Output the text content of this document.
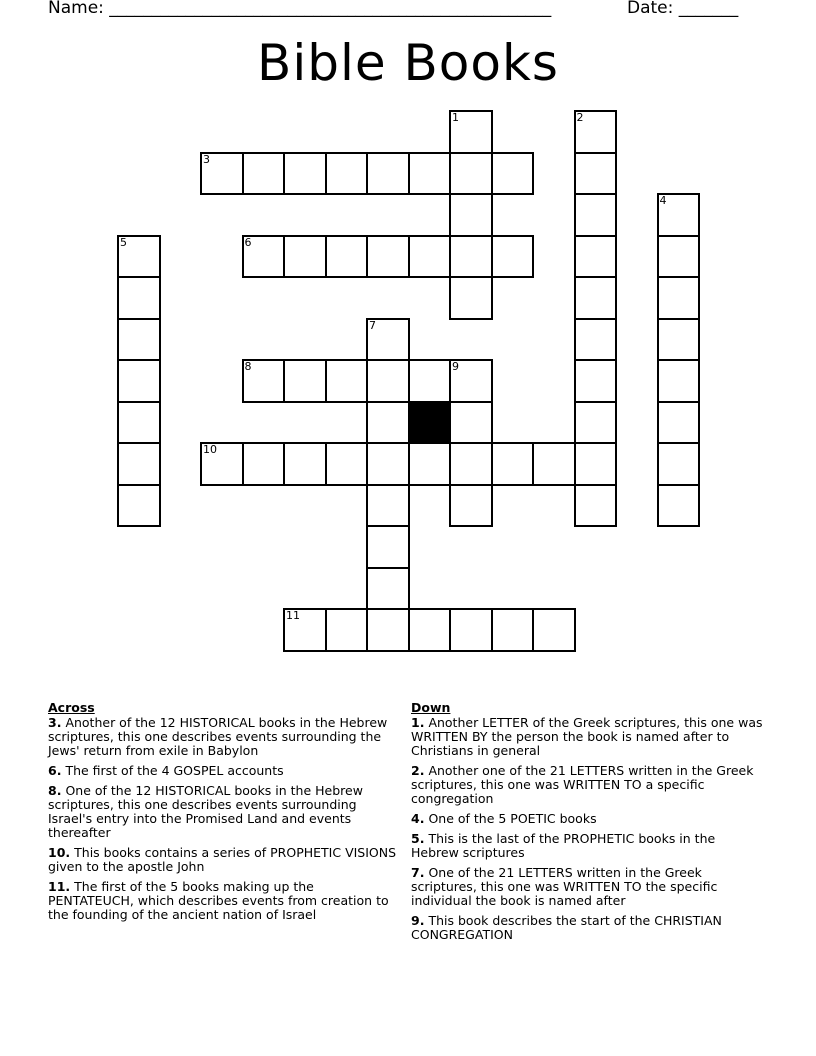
Name: ____________________________________________________	Date: _______
Bible Books
1	2
3
4
5	6
7
8	9
10
11
Across
3. Another of the 12 HISTORICAL books in the Hebrew scriptures, this one describes events surrounding the Jews' return from exile in Babylon
6. The first of the 4 GOSPEL accounts
8. One of the 12 HISTORICAL books in the Hebrew scriptures, this one describes events surrounding Israel's entry into the Promised Land and events thereafter
10. This books contains a series of PROPHETIC VISIONS given to the apostle John
11. The first of the 5 books making up the PENTATEUCH, which describes events from creation to the founding of the ancient nation of Israel
Down
1. Another LETTER of the Greek scriptures, this one was WRITTEN BY the person the book is named after to Christians in general
2. Another one of the 21 LETTERS written in the Greek scriptures, this one was WRITTEN TO a specific congregation
4. One of the 5 POETIC books
5. This is the last of the PROPHETIC books in the Hebrew scriptures
7. One of the 21 LETTERS written in the Greek scriptures, this one was WRITTEN TO the specific individual the book is named after
9. This book describes the start of the CHRISTIAN CONGREGATION
